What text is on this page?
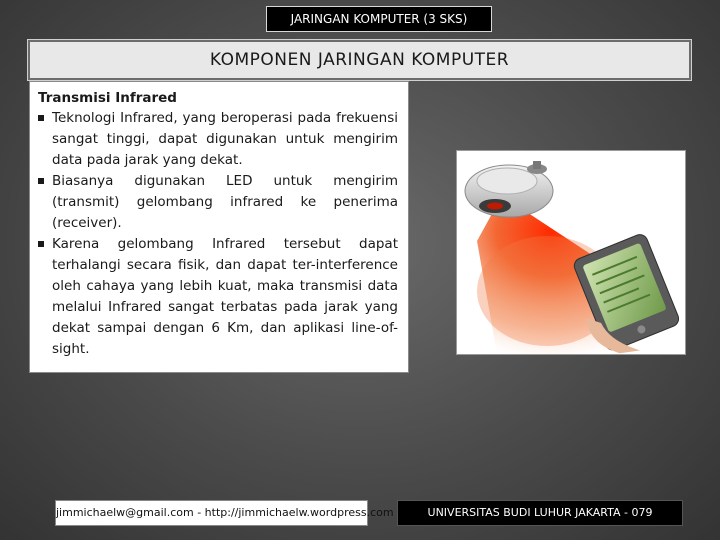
JARINGAN KOMPUTER (3 SKS)
KOMPONEN JARINGAN KOMPUTER
Transmisi Infrared
Teknologi Infrared, yang beroperasi pada frekuensi sangat tinggi, dapat digunakan untuk mengirim data pada jarak yang dekat.
Biasanya digunakan LED untuk mengirim (transmit) gelombang infrared ke penerima (receiver).
Karena gelombang Infrared tersebut dapat terhalangi secara fisik, dan dapat ter-interference oleh cahaya yang lebih kuat, maka transmisi data melalui Infrared sangat terbatas pada jarak yang dekat sampai dengan 6 Km, dan aplikasi line-of-sight.
jimmichaelw@gmail.com - http://jimmichaelw.wordpress.com	UNIVERSITAS BUDI LUHUR JAKARTA - 079
